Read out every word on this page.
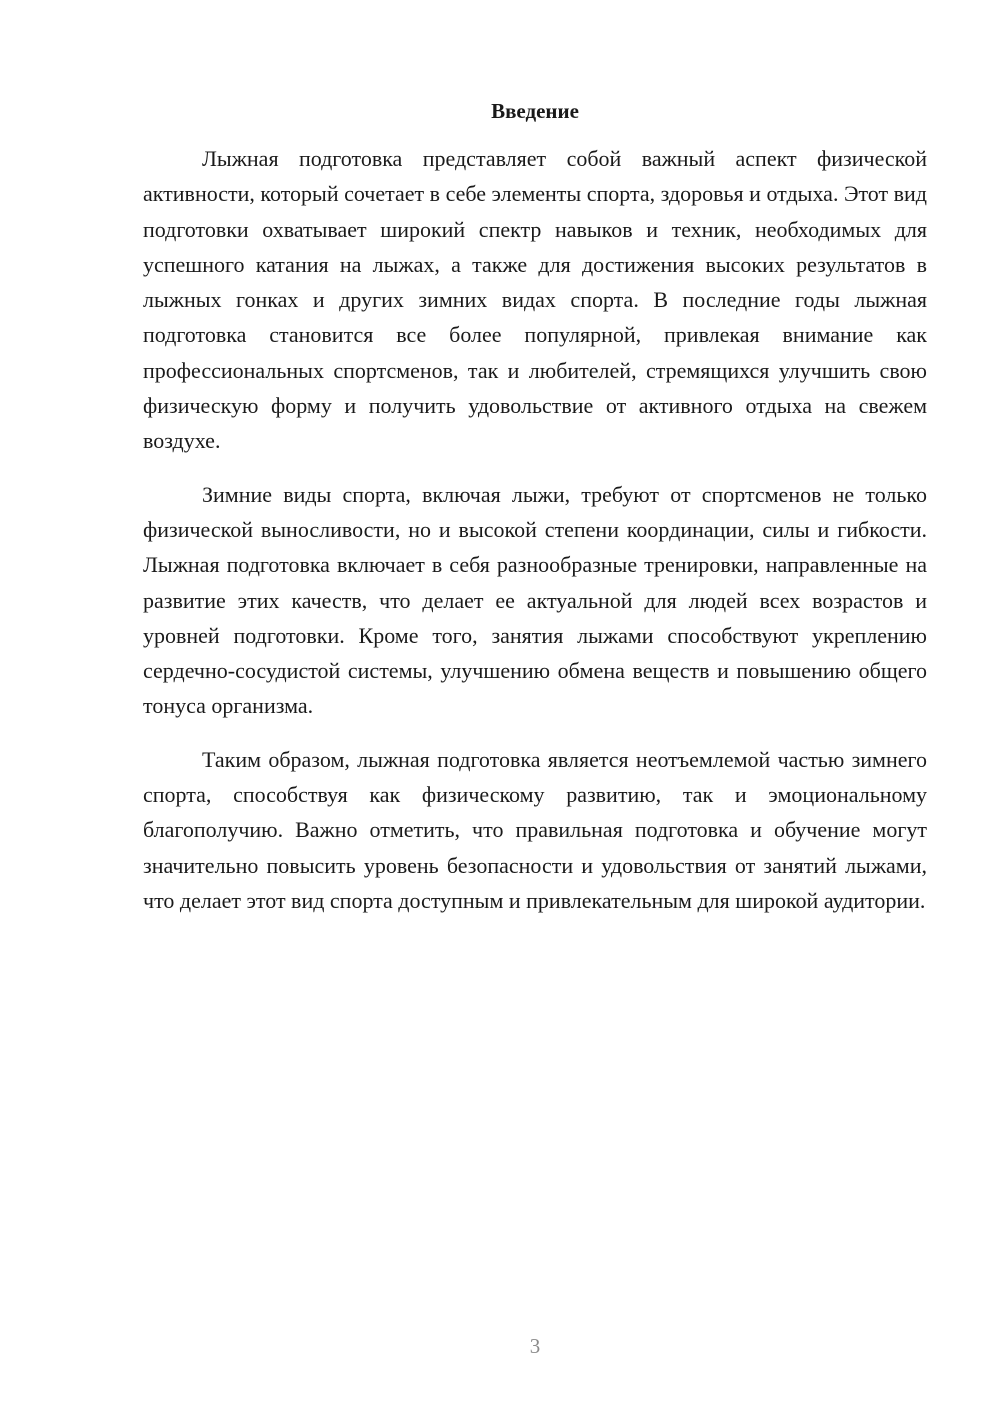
Введение

Лыжная подготовка представляет собой важный аспект физической активности, который сочетает в себе элементы спорта, здоровья и отдыха. Этот вид подготовки охватывает широкий спектр навыков и техник, необходимых для успешного катания на лыжах, а также для достижения высоких результатов в лыжных гонках и других зимних видах спорта. В последние годы лыжная подготовка становится все более популярной, привлекая внимание как профессиональных спортсменов, так и любителей, стремящихся улучшить свою физическую форму и получить удовольствие от активного отдыха на свежем воздухе.

Зимние виды спорта, включая лыжи, требуют от спортсменов не только физической выносливости, но и высокой степени координации, силы и гибкости. Лыжная подготовка включает в себя разнообразные тренировки, направленные на развитие этих качеств, что делает ее актуальной для людей всех возрастов и уровней подготовки. Кроме того, занятия лыжами способствуют укреплению сердечно-сосудистой системы, улучшению обмена веществ и повышению общего тонуса организма.

Таким образом, лыжная подготовка является неотъемлемой частью зимнего спорта, способствуя как физическому развитию, так и эмоциональному благополучию. Важно отметить, что правильная подготовка и обучение могут значительно повысить уровень безопасности и удовольствия от занятий лыжами, что делает этот вид спорта доступным и привлекательным для широкой аудитории.

3
